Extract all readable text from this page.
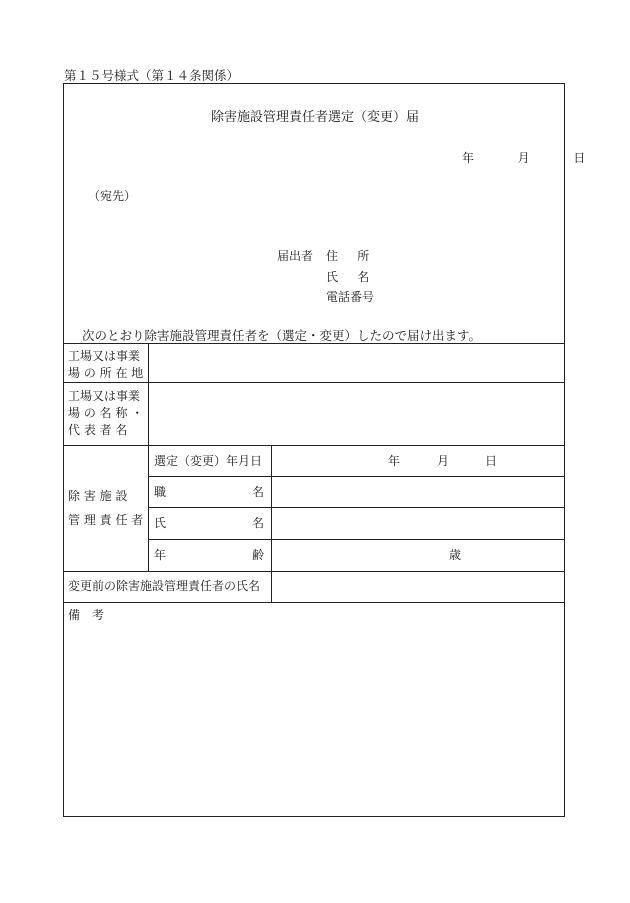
第１５号様式（第１４条関係）
除害施設管理責任者選定（変更）届
年	月	日
（宛先）
届出者 住所
氏名
電話番号
次のとおり除害施設管理責任者を（選定・変更）したので届け出ます。
工場又は事業
場 の 所 在 地
工場又は事業
場 の 名 称 ・
代 表 者 名
除 害 施 設
管 理 責 任 者
選定（変更）年月日	年	月	日
職	名
氏	名
年	齢	歳
変更前の除害施設管理責任者の氏名
備　考
